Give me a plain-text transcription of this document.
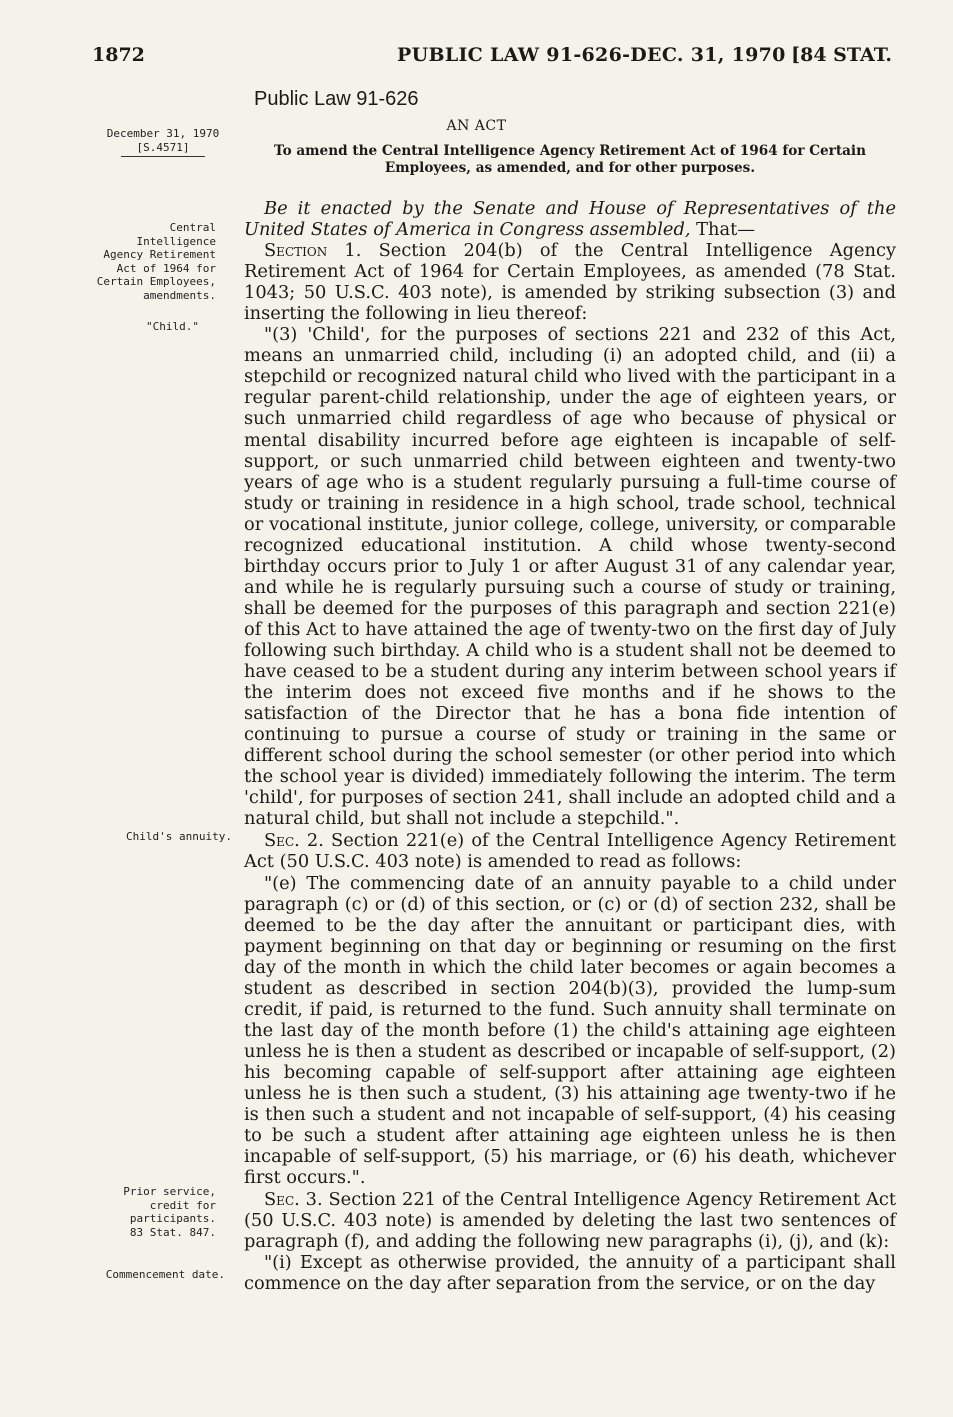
1872	PUBLIC LAW 91-626-DEC. 31, 1970 [84 STAT.
Public Law 91-626
AN ACT
To amend the Central Intelligence Agency Retirement Act of 1964 for Certain Employees, as amended, and for other purposes.
December 31, 1970
[S.4571]
Central Intelligence Agency Retirement Act of 1964 for Certain Employees, amendments.
"Child."
Child's annuity.
Prior service, credit for participants.
83 Stat. 847.
Commencement date.

Be it enacted by the Senate and House of Representatives of the United States of America in Congress assembled, That—

Section 1. Section 204(b) of the Central Intelligence Agency Retirement Act of 1964 for Certain Employees, as amended (78 Stat. 1043; 50 U.S.C. 403 note), is amended by striking subsection (3) and inserting the following in lieu thereof:

"(3) 'Child', for the purposes of sections 221 and 232 of this Act, means an unmarried child, including (i) an adopted child, and (ii) a stepchild or recognized natural child who lived with the participant in a regular parent-child relationship, under the age of eighteen years, or such unmarried child regardless of age who because of physical or mental disability incurred before age eighteen is incapable of self-support, or such unmarried child between eighteen and twenty-two years of age who is a student regularly pursuing a full-time course of study or training in residence in a high school, trade school, technical or vocational institute, junior college, college, university, or comparable recognized educational institution. A child whose twenty-second birthday occurs prior to July 1 or after August 31 of any calendar year, and while he is regularly pursuing such a course of study or training, shall be deemed for the purposes of this paragraph and section 221(e) of this Act to have attained the age of twenty-two on the first day of July following such birthday. A child who is a student shall not be deemed to have ceased to be a student during any interim between school years if the interim does not exceed five months and if he shows to the satisfaction of the Director that he has a bona fide intention of continuing to pursue a course of study or training in the same or different school during the school semester (or other period into which the school year is divided) immediately following the interim. The term 'child', for purposes of section 241, shall include an adopted child and a natural child, but shall not include a stepchild.".

Sec. 2. Section 221(e) of the Central Intelligence Agency Retirement Act (50 U.S.C. 403 note) is amended to read as follows:

"(e) The commencing date of an annuity payable to a child under paragraph (c) or (d) of this section, or (c) or (d) of section 232, shall be deemed to be the day after the annuitant or participant dies, with payment beginning on that day or beginning or resuming on the first day of the month in which the child later becomes or again becomes a student as described in section 204(b)(3), provided the lump-sum credit, if paid, is returned to the fund. Such annuity shall terminate on the last day of the month before (1) the child's attaining age eighteen unless he is then a student as described or incapable of self-support, (2) his becoming capable of self-support after attaining age eighteen unless he is then such a student, (3) his attaining age twenty-two if he is then such a student and not incapable of self-support, (4) his ceasing to be such a student after attaining age eighteen unless he is then incapable of self-support, (5) his marriage, or (6) his death, whichever first occurs.".

Sec. 3. Section 221 of the Central Intelligence Agency Retirement Act (50 U.S.C. 403 note) is amended by deleting the last two sentences of paragraph (f), and adding the following new paragraphs (i), (j), and (k):

"(i) Except as otherwise provided, the annuity of a participant shall commence on the day after separation from the service, or on the day
